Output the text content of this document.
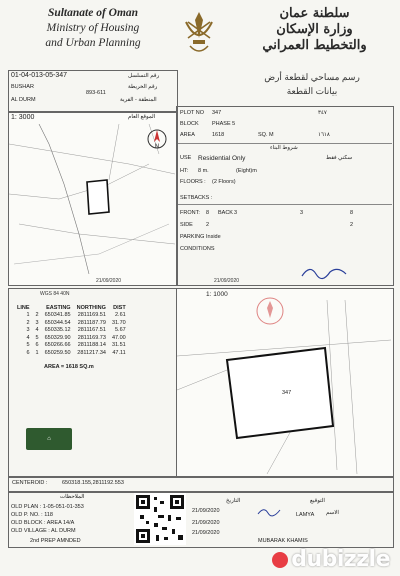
Sultanate of Oman
Ministry of Housing
and Urban Planning
سلطنة عمان
وزارة الإسكان
والتخطيط العمراني
رسم مساحي لقطعة أرض
بيانات القطعة
01-04-013-05-347	رقم التسلسل
BUSHAR	رقم الخريطة
893-611
AL DURM	المنطقة - القرية
1: 3000	الموقع العام
N
21/09/2020
PLOT NO 347	٣٤٧
BLOCK PHASE 5
AREA	1618	SQ. M	١٦١٨
شروط البناء
USE Residential Only	سكني فقط
HT: 8 m.	(Eight)m
FLOORS : (2 Floors)
SETBACKS :
FRONT: 8 BACK 3	8
3
SIDE 2	2
PARKING Inside
CONDITIONS
21/09/2020
WGS 84 40N
LINE		EASTING	NORTHING	DIST
1	2	650341.85	2811169.51	2.61
2	3	650344.54	2811187.79	31.70
3	4	650335.12	2811167.51	5.67
4	5	650329.90	2811169.73	47.00
5	6	650266.66	2811188.14	31.51
6	1	650259.50	2811217.34	47.11
AREA = 1618 SQ.m
⌂
1: 1000
347
CENTEROID :	650318.155,2811192.553
الملاحظات
OLD PLAN : 1-05-051-01-353
OLD P. NO. : 118
OLD BLOCK : AREA 14/A
OLD VILLAGE : AL DURM
2nd PREP AMNDED
21/09/2020
التاريخ
21/09/2020
21/09/2020
التوقيع
الاسم
LAMYA
MUBARAK KHAMIS
dubizzle
